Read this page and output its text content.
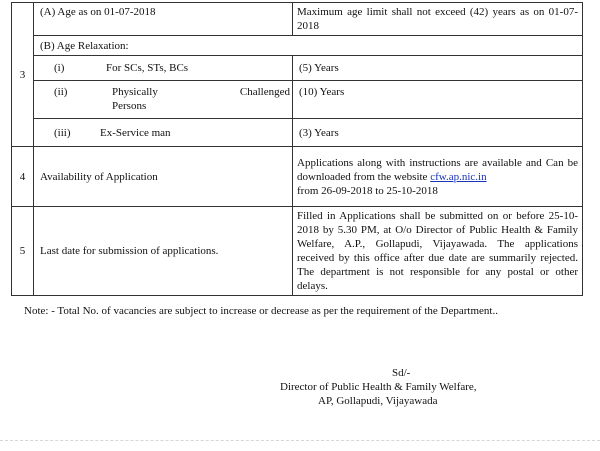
3	(A) Age as on 01-07-2018	Maximum age limit shall not exceed (42) years as on 01-07-2018
	(B) Age Relaxation:	

	(i) For SCs, STs, BCs	(5) Years

	(ii) Physically Challenged Persons	(10) Years

	(iii) Ex-Service man	(3) Years
4	Availability of Application	Applications along with instructions are available and Can be downloaded from the website cfw.ap.nic.in
from 26-09-2018 to 25-10-2018
5	Last date for submission of applications.	Filled in Applications shall be submitted on or before 25-10-2018 by 5.30 PM, at O/o Director of Public Health & Family Welfare, A.P., Gollapudi, Vijayawada. The applications received by this office after due date are summarily rejected. The department is not responsible for any postal or other delays.
Note: - Total No. of vacancies are subject to increase or decrease as per the requirement of the Department..
Sd/-
Director of Public Health & Family Welfare,
AP, Gollapudi, Vijayawada
